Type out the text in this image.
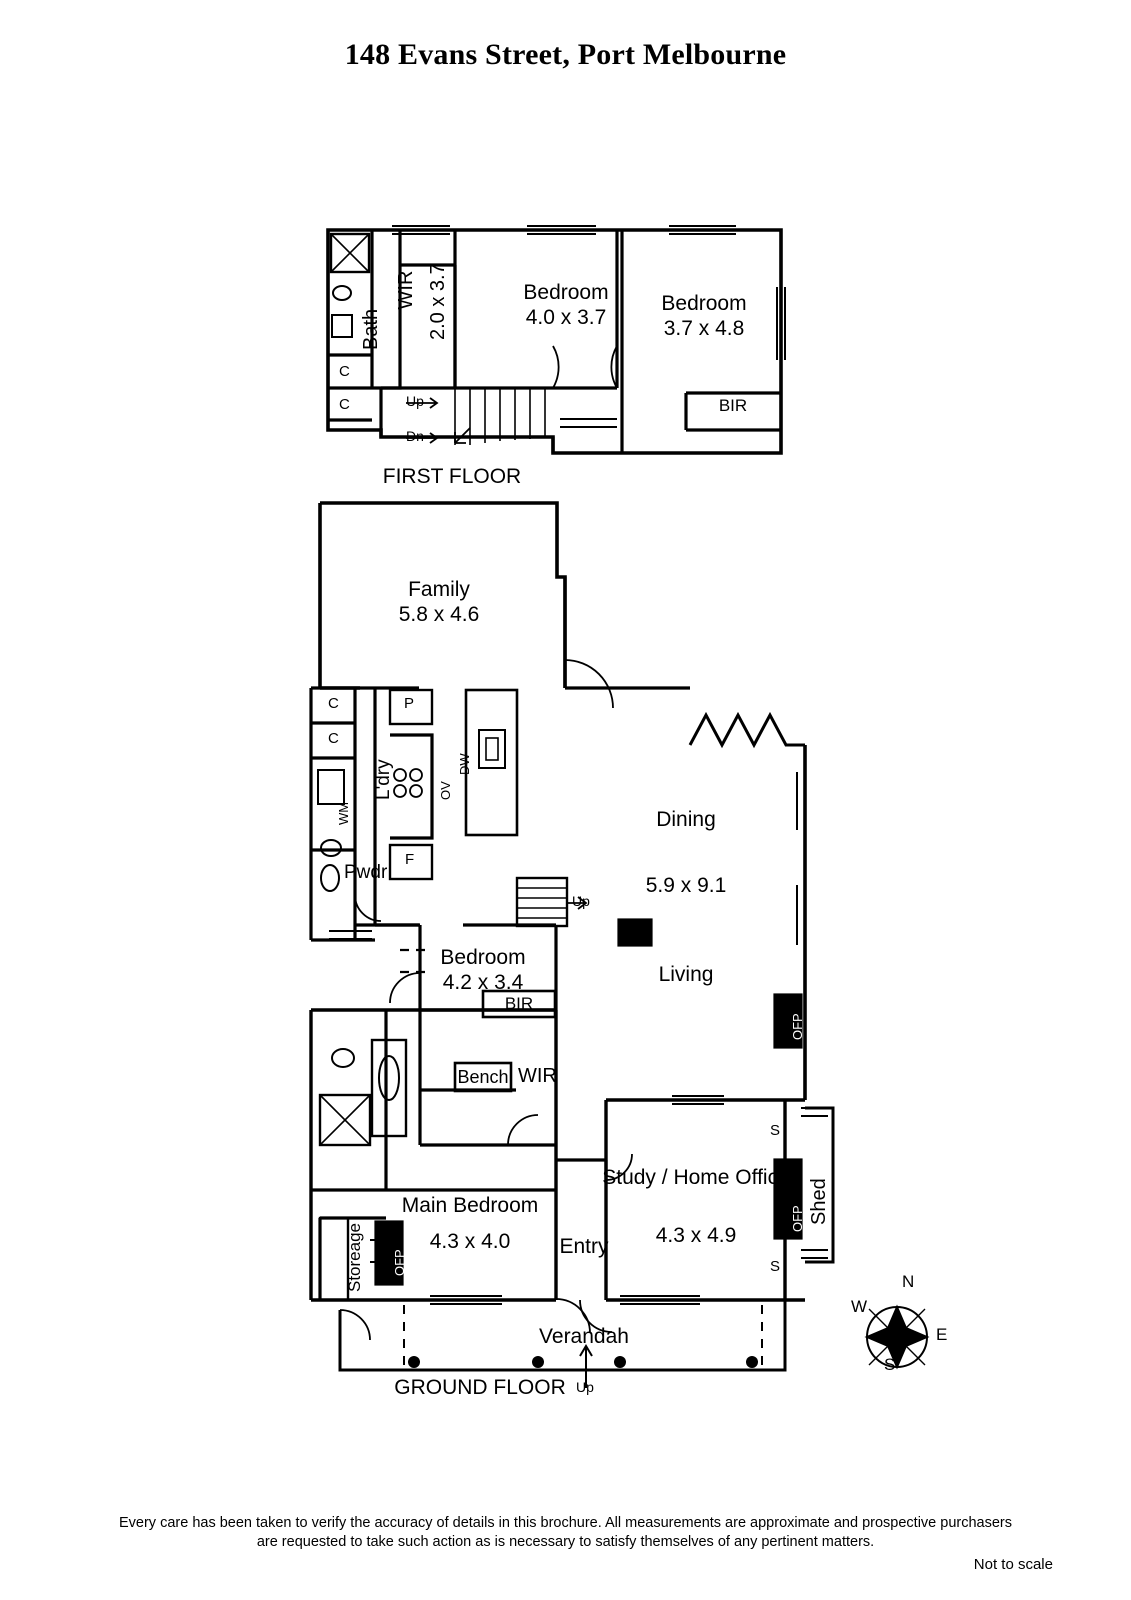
148 Evans Street, Port Melbourne
Bedroom
4.0 x 3.7
Bedroom
3.7 x 4.8
WIR 2.0 x 3.7
Bath
C
C	BIR
Up
Dn
FIRST FLOOR
Family
5.8 x 4.6
Dining
5.9 x 9.1
Living
Bedroom
4.2 x 3.4
Main Bedroom
4.3 x 4.0
Study / Home Office
4.3 x 4.9
Entry
Verandah
Shed
Storeage
L'dry
Pwdr
WIR
C
C
P
F
WM
OV
DW
BIR
Bench
S
S
OFP
OFP
OFP
Up
Up
GROUND FLOOR
N
E
S
W
Every care has been taken to verify the accuracy of details in this brochure. All measurements are approximate and prospective purchasers
are requested to take such action as is necessary to satisfy themselves of any pertinent matters.
Not to scale
